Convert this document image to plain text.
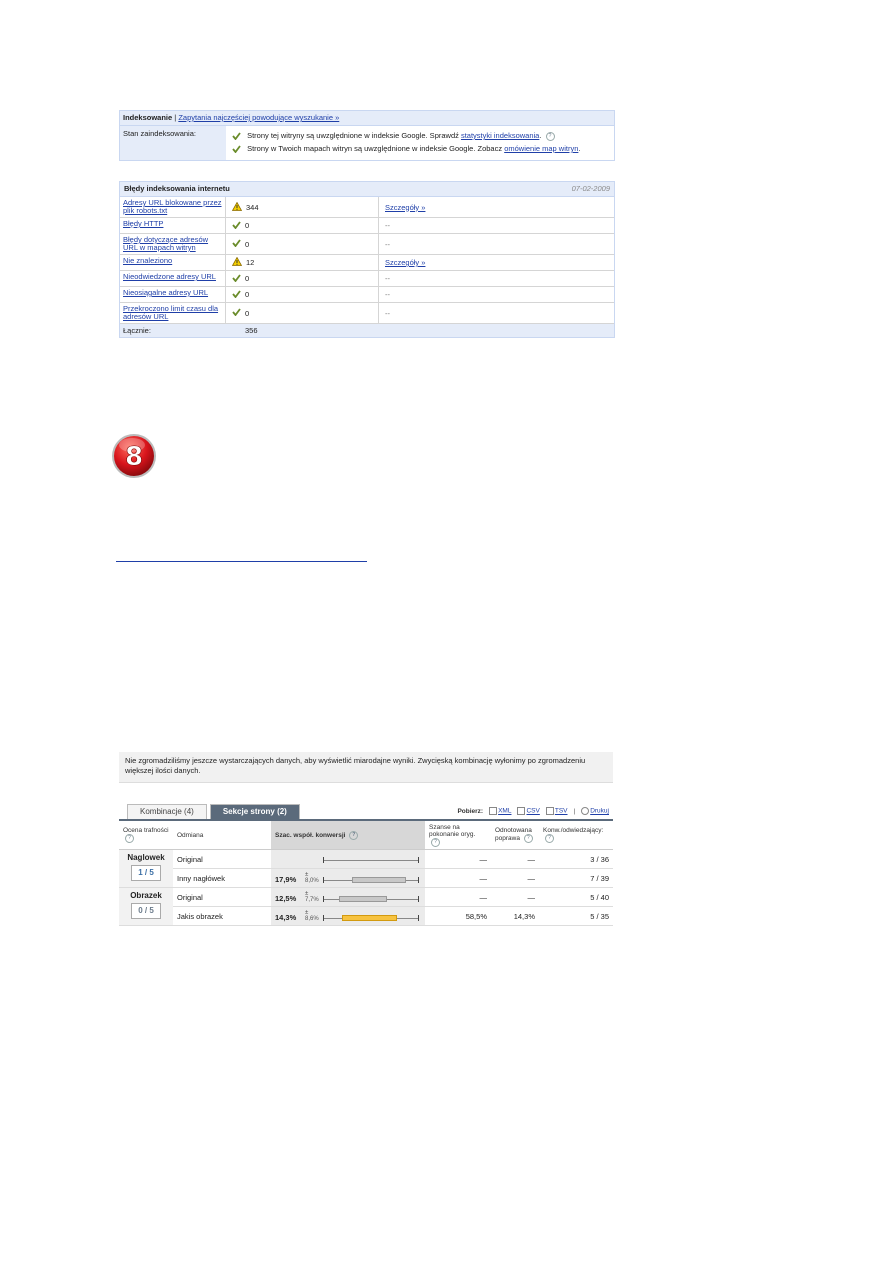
Indeksowanie | Zapytania najczęściej powodujące wyszukanie »
Stan zaindeksowania:	Strony tej witryny są uwzględnione w indeksie Google. Sprawdź statystyki indeksowania. ?
Strony w Twoich mapach witryn są uwzględnione w indeksie Google. Zobacz omówienie map witryn.
Błędy indeksowania internetu	07-02-2009
Adresy URL blokowane przez plik robots.txt	344	Szczegóły »
Błędy HTTP	0	--
Błędy dotyczące adresów URL w mapach witryn	0	--
Nie znaleziono	12	Szczegóły »
Nieodwiedzone adresy URL	0	--
Nieosiągalne adresy URL	0	--
Przekroczono limit czasu dla adresów URL	0	--
Łącznie:	356
8
Nie zgromadziliśmy jeszcze wystarczających danych, aby wyświetlić miarodajne wyniki. Zwycięską kombinację wyłonimy po zgromadzeniu większej ilości danych.
Kombinacje (4)	Sekcje strony (2)	Pobierz:	XML	CSV	TSV |	Drukuj
Ocena trafności ?	Odmiana	Szac. współ. konwersji ?	Szanse na pokonanie oryg. ?	Odnotowana poprawa ?	Konw./odwiedzający: ?

Naglowek
1 / 5	Original		—	—	3 / 36
	Inny nagłówek	17,9% ± 8,0%	—	—	7 / 39

Obrazek
0 / 5	Original	12,5% ± 7,7%	—	—	5 / 40
	Jakis obrazek	14,3% ± 8,6%	58,5%	14,3%	5 / 35
